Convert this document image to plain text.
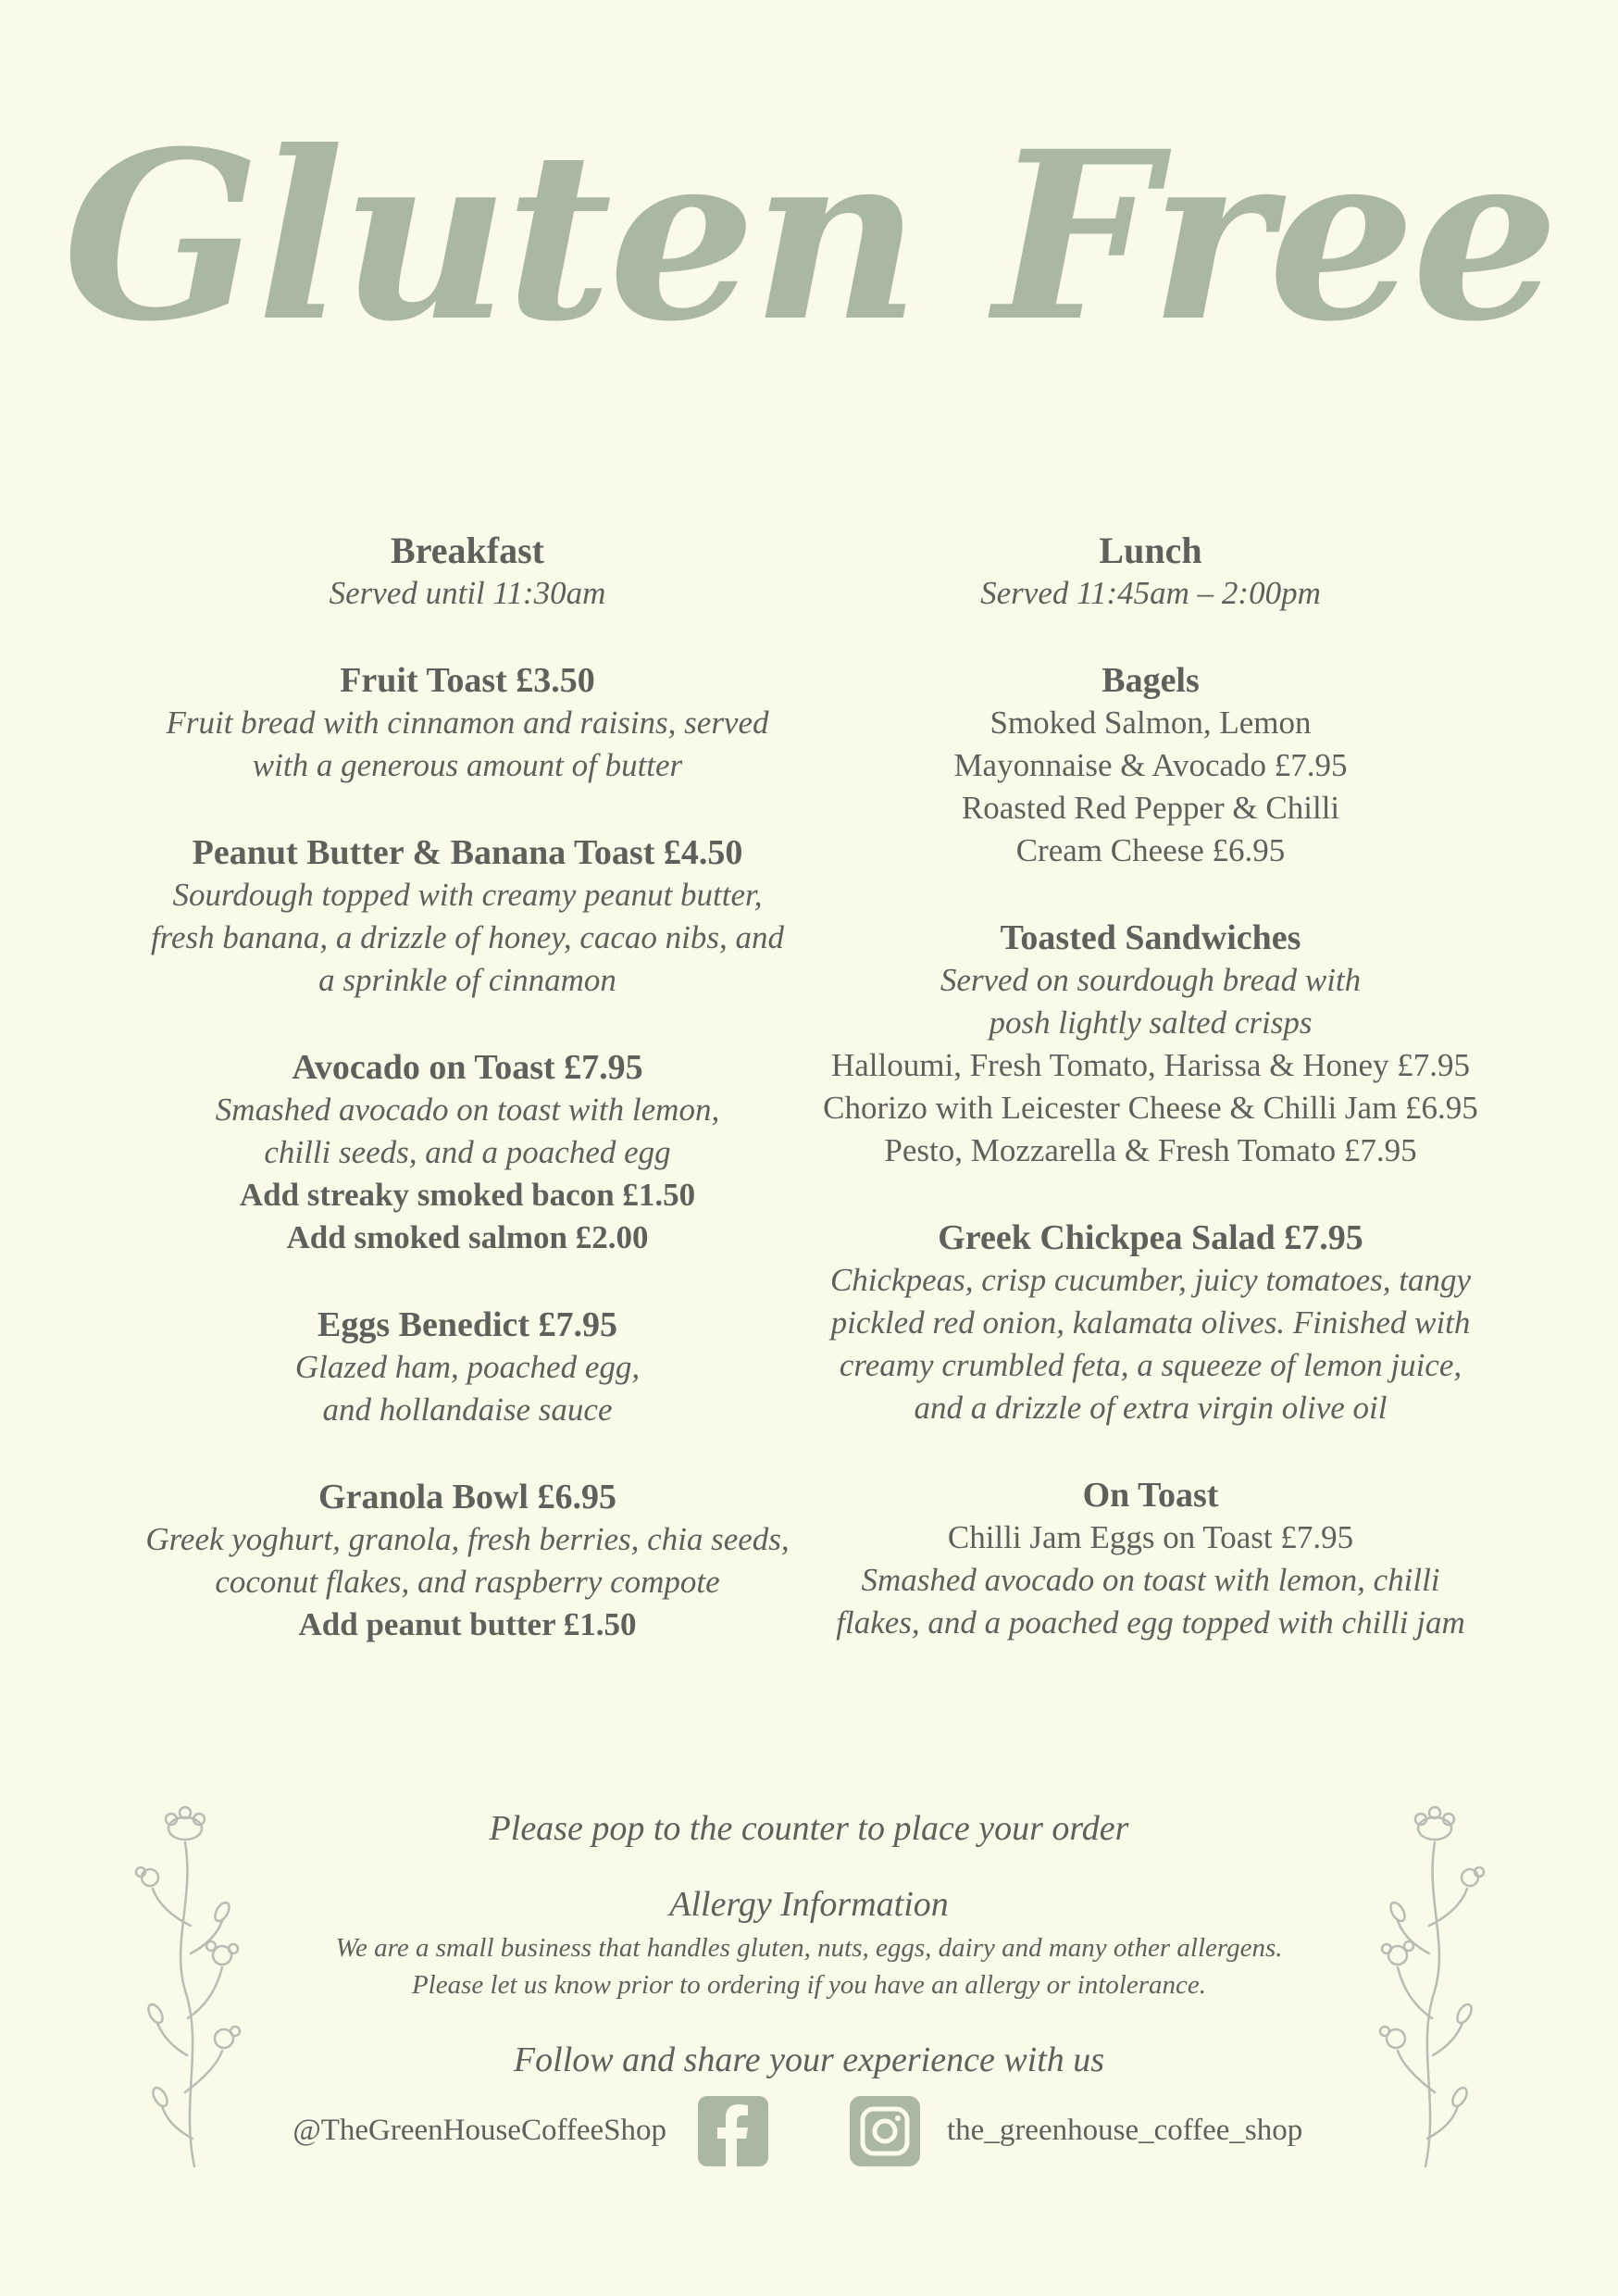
Gluten Free
Breakfast
Served until 11:30am
Fruit Toast £3.50
Fruit bread with cinnamon and raisins, served
with a generous amount of butter
Peanut Butter & Banana Toast £4.50
Sourdough topped with creamy peanut butter,
fresh banana, a drizzle of honey, cacao nibs, and
a sprinkle of cinnamon
Avocado on Toast £7.95
Smashed avocado on toast with lemon,
chilli seeds, and a poached egg
Add streaky smoked bacon £1.50
Add smoked salmon £2.00
Eggs Benedict £7.95
Glazed ham, poached egg,
and hollandaise sauce
Granola Bowl £6.95
Greek yoghurt, granola, fresh berries, chia seeds,
coconut flakes, and raspberry compote
Add peanut butter £1.50
Lunch
Served 11:45am – 2:00pm
Bagels
Smoked Salmon, Lemon
Mayonnaise & Avocado £7.95
Roasted Red Pepper & Chilli
Cream Cheese £6.95
Toasted Sandwiches
Served on sourdough bread with
posh lightly salted crisps
Halloumi, Fresh Tomato, Harissa & Honey £7.95
Chorizo with Leicester Cheese & Chilli Jam £6.95
Pesto, Mozzarella & Fresh Tomato £7.95
Greek Chickpea Salad £7.95
Chickpeas, crisp cucumber, juicy tomatoes, tangy
pickled red onion, kalamata olives. Finished with
creamy crumbled feta, a squeeze of lemon juice,
and a drizzle of extra virgin olive oil
On Toast
Chilli Jam Eggs on Toast £7.95
Smashed avocado on toast with lemon, chilli
flakes, and a poached egg topped with chilli jam
Please pop to the counter to place your order
Allergy Information
We are a small business that handles gluten, nuts, eggs, dairy and many other allergens.
Please let us know prior to ordering if you have an allergy or intolerance.
Follow and share your experience with us
@TheGreenHouseCoffeeShop	the_greenhouse_coffee_shop
